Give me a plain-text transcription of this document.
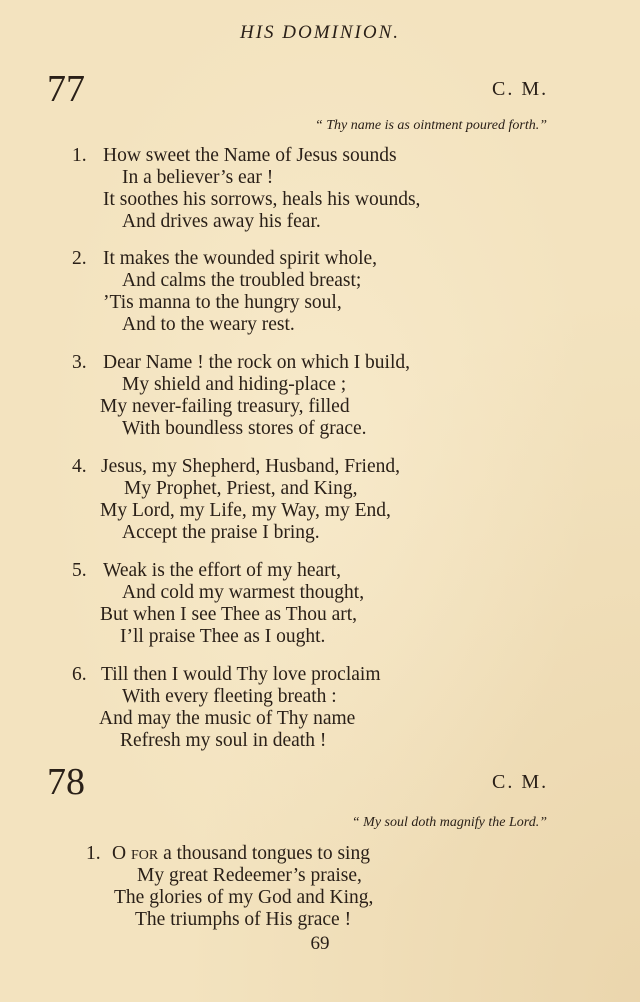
HIS DOMINION.
77	C. M.
“ Thy name is as ointment poured forth.”
1. How sweet the Name of Jesus sounds
In a believer’s ear !
It soothes his sorrows, heals his wounds,
And drives away his fear.
2. It makes the wounded spirit whole,
And calms the troubled breast;
’Tis manna to the hungry soul,
And to the weary rest.
3. Dear Name ! the rock on which I build,
My shield and hiding-place ;
My never-failing treasury, filled
With boundless stores of grace.
4. Jesus, my Shepherd, Husband, Friend,
My Prophet, Priest, and King,
My Lord, my Life, my Way, my End,
Accept the praise I bring.
5. Weak is the effort of my heart,
And cold my warmest thought,
But when I see Thee as Thou art,
I’ll praise Thee as I ought.
6. Till then I would Thy love proclaim
With every fleeting breath :
And may the music of Thy name
Refresh my soul in death !
78	C. M.
“ My soul doth magnify the Lord.”
1. O for a thousand tongues to sing
My great Redeemer’s praise,
The glories of my God and King,
The triumphs of His grace !
69
